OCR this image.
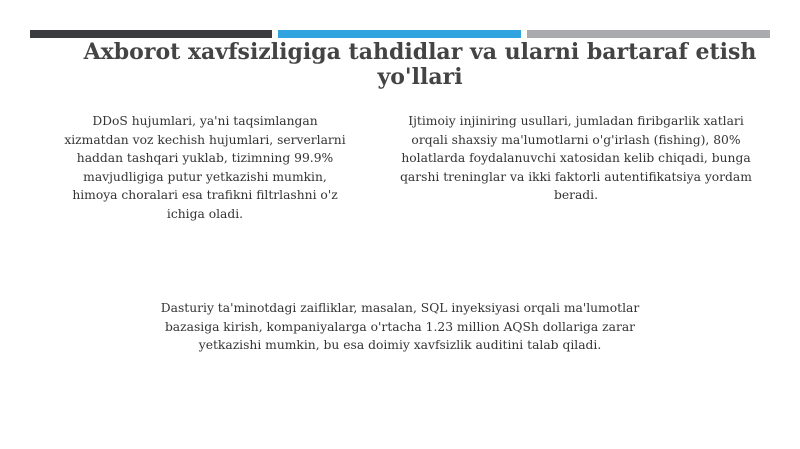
Axborot xavfsizligiga tahdidlar va ularni bartaraf etish yo'llari

DDoS hujumlari, ya'ni taqsimlangan xizmatdan voz kechish hujumlari, serverlarni haddan tashqari yuklab, tizimning 99.9% mavjudligiga putur yetkazishi mumkin, himoya choralari esa trafikni filtrlashni o'z ichiga oladi.

Ijtimoiy injiniring usullari, jumladan firibgarlik xatlari orqali shaxsiy ma'lumotlarni o'g'irlash (fishing), 80% holatlarda foydalanuvchi xatosidan kelib chiqadi, bunga qarshi treninglar va ikki faktorli autentifikatsiya yordam beradi.

Dasturiy ta'minotdagi zaifliklar, masalan, SQL inyeksiyasi orqali ma'lumotlar bazasiga kirish, kompaniyalarga o'rtacha 1.23 million AQSh dollariga zarar yetkazishi mumkin, bu esa doimiy xavfsizlik auditini talab qiladi.
